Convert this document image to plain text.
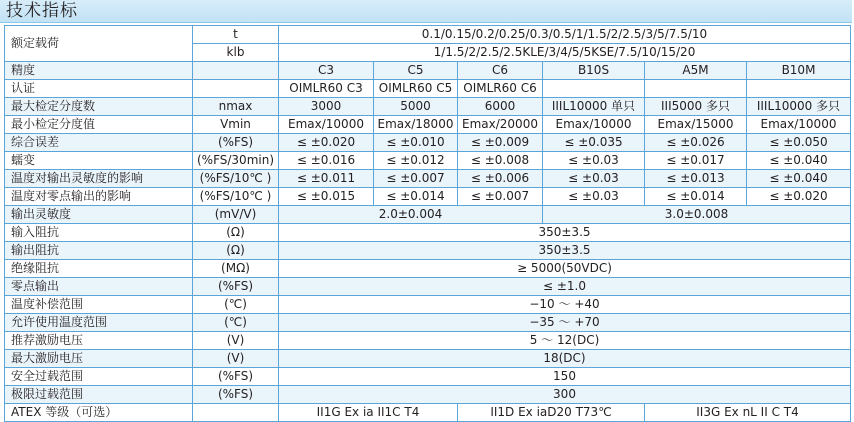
技术指标
额定载荷	t	0.1/0.15/0.2/0.25/0.3/0.5/1/1.5/2/2.5/3/5/7.5/10					
	klb	1/1.5/2/2.5/2.5KLE/3/4/5/5KSE/7.5/10/15/20					
精度		C3	C5	C6	B10S	A5M	B10M
认证		OIMLR60 C3	OIMLR60 C5	OIMLR60 C6			
最大检定分度数	nmax	3000	5000	6000	IIIL10000 单只	III5000 多只	IIIL10000 多只
最小检定分度值	Vmin	Emax/10000	Emax/18000	Emax/20000	Emax/10000	Emax/15000	Emax/10000
综合误差	(%FS)	≤ ±0.020	≤ ±0.010	≤ ±0.009	≤ ±0.035	≤ ±0.026	≤ ±0.050
蠕变	(%FS/30min)	≤ ±0.016	≤ ±0.012	≤ ±0.008	≤ ±0.03	≤ ±0.017	≤ ±0.040
温度对输出灵敏度的影响	(%FS/10℃ )	≤ ±0.011	≤ ±0.007	≤ ±0.006	≤ ±0.03	≤ ±0.013	≤ ±0.040
温度对零点输出的影响	(%FS/10℃ )	≤ ±0.015	≤ ±0.014	≤ ±0.007	≤ ±0.03	≤ ±0.014	≤ ±0.020
输出灵敏度	(mV/V)	2.0±0.004			3.0±0.008		
输入阻抗	(Ω)	350±3.5					
输出阻抗	(Ω)	350±3.5					
绝缘阻抗	(MΩ)	≥ 5000(50VDC)					
零点输出	(%FS)	≤ ±1.0					
温度补偿范围	(℃)	−10 ～ +40					
允许使用温度范围	(℃)	−35 ～ +70					
推荐激励电压	(V)	5 ～ 12(DC)					
最大激励电压	(V)	18(DC)					
安全过载范围	(%FS)	150					
极限过载范围	(%FS)	300					
ATEX 等级（可选）		II1G Ex ia II1C T4		II1D Ex iaD20 T73℃		II3G Ex nL II C T4	
